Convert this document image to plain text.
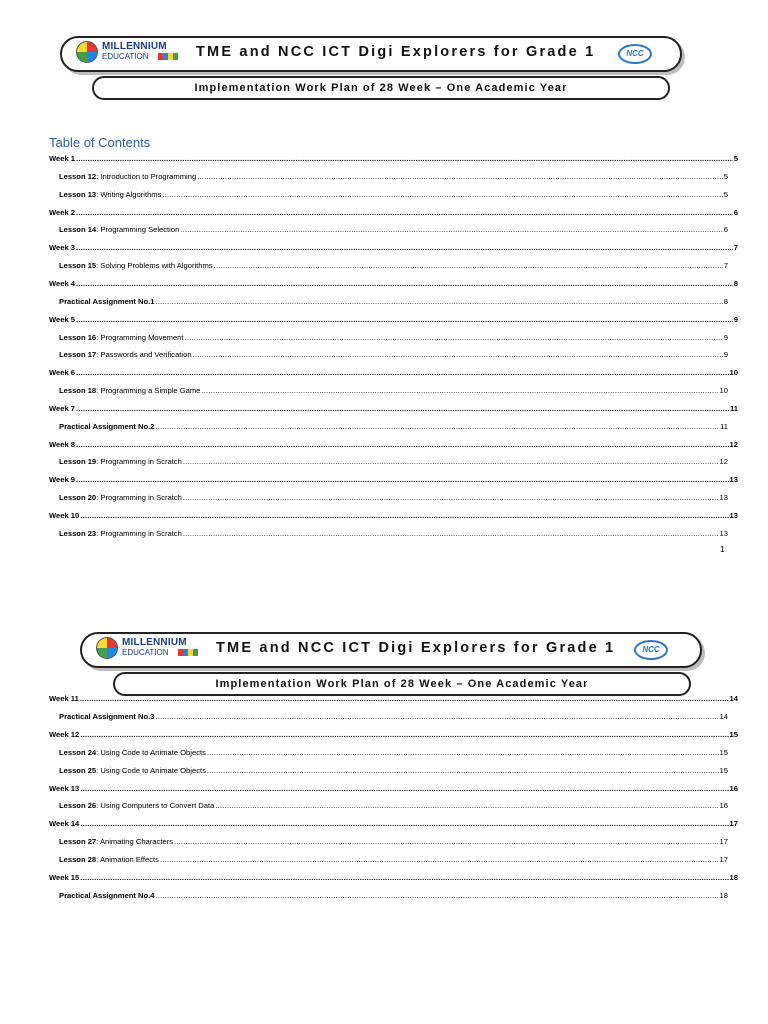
MILLENNIUM
EDUCATION	TME and NCC ICT Digi Explorers for Grade 1	NCC
Implementation Work Plan of 28 Week – One Academic Year
Table of Contents
Week 1 .....	5
Lesson 12: Introduction to Programming .....	5
Lesson 13: Writing Algorithms .....	5
Week 2 .....	6
Lesson 14: Programming Selection .....	6
Week 3 .....	7
Lesson 15: Solving Problems with Algorithms .....	7
Week 4 .....	8
Practical Assignment No.1 .....	8
Week 5 .....	9
Lesson 16: Programming Movement .....	9
Lesson 17: Passwords and Verification .....	9
Week 6 .....	10
Lesson 18: Programming a Simple Game .....	10
Week 7 .....	11
Practical Assignment No.2 .....	11
Week 8 .....	12
Lesson 19: Programming in Scratch .....	12
Week 9 .....	13
Lesson 20: Programming in Scratch .....	13
Week 10 .....	13
Lesson 23: Programming in Scratch .....	13
1
MILLENNIUM
EDUCATION	TME and NCC ICT Digi Explorers for Grade 1	NCC
Implementation Work Plan of 28 Week – One Academic Year
Week 11 .....	14
Practical Assignment No.3 .....	14
Week 12 .....	15
Lesson 24: Using Code to Animate Objects .....	15
Lesson 25: Using Code to Animate Objects .....	15
Week 13 .....	16
Lesson 26: Using Computers to Convert Data .....	16
Week 14 .....	17
Lesson 27: Animating Characters .....	17
Lesson 28: Animation Effects .....	17
Week 15 .....	18
Practical Assignment No.4 .....	18
